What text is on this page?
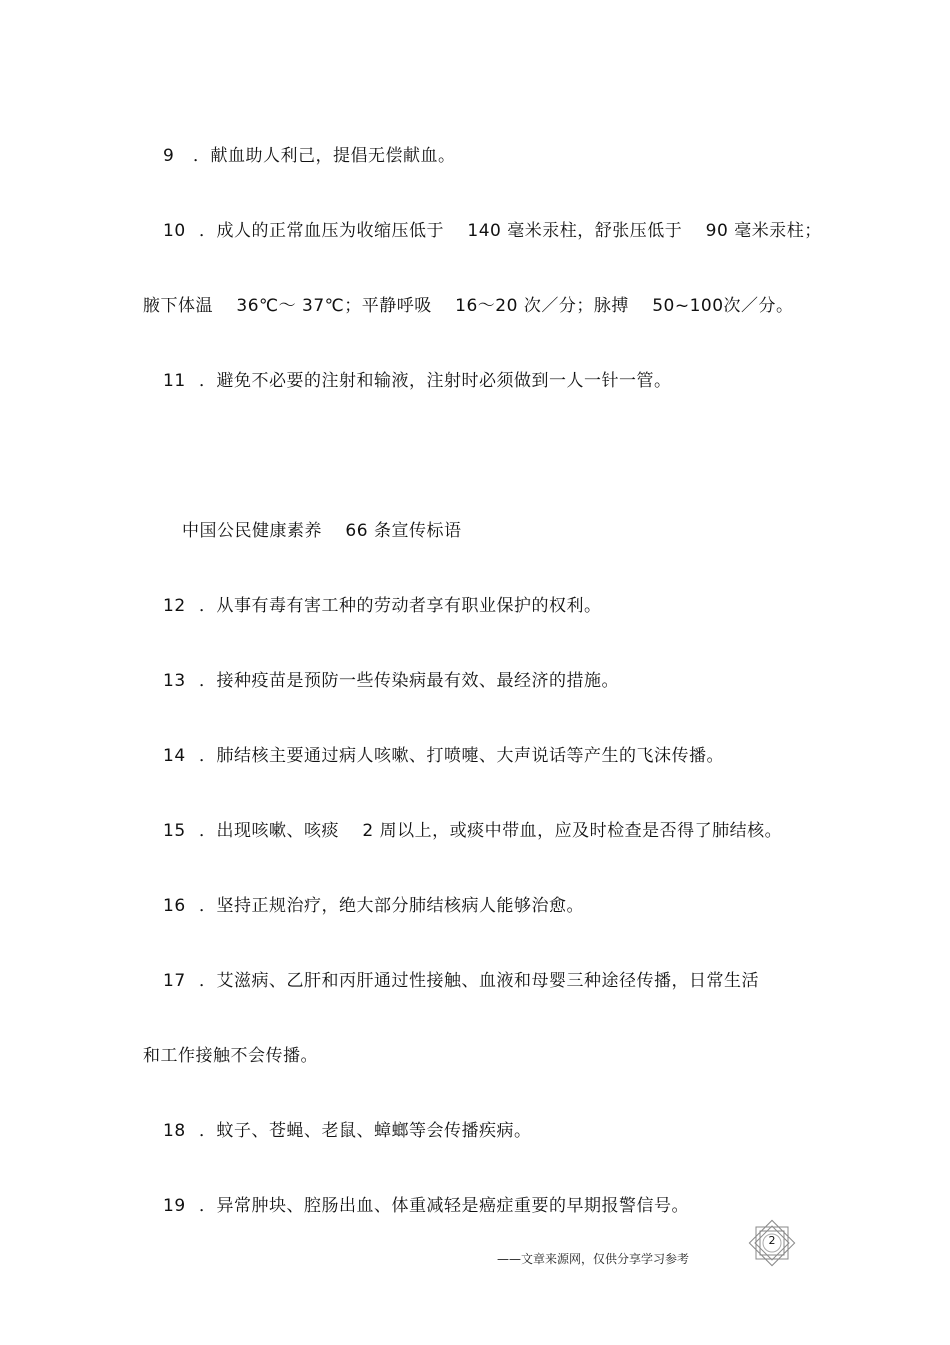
9 ．献血助人利己，提倡无偿献血。
10 ．成人的正常血压为收缩压低于 　140 毫米汞柱，舒张压低于 　90 毫米汞柱；
腋下体温 　36℃～ 37℃；平静呼吸 　16～20 次／分；脉搏 　50~100次／分。
11 ．避免不必要的注射和输液，注射时必须做到一人一针一管。
中国公民健康素养 　66 条宣传标语
12 ．从事有毒有害工种的劳动者享有职业保护的权利。
13 ．接种疫苗是预防一些传染病最有效、最经济的措施。
14 ．肺结核主要通过病人咳嗽、打喷嚏、大声说话等产生的飞沫传播。
15 ．出现咳嗽、咳痰 　2 周以上，或痰中带血，应及时检查是否得了肺结核。
16 ．坚持正规治疗，绝大部分肺结核病人能够治愈。
17 ．艾滋病、乙肝和丙肝通过性接触、血液和母婴三种途径传播，日常生活
和工作接触不会传播。
18 ．蚊子、苍蝇、老鼠、蟑螂等会传播疾病。
19 ．异常肿块、腔肠出血、体重减轻是癌症重要的早期报警信号。
2
——文章来源网，仅供分享学习参考
